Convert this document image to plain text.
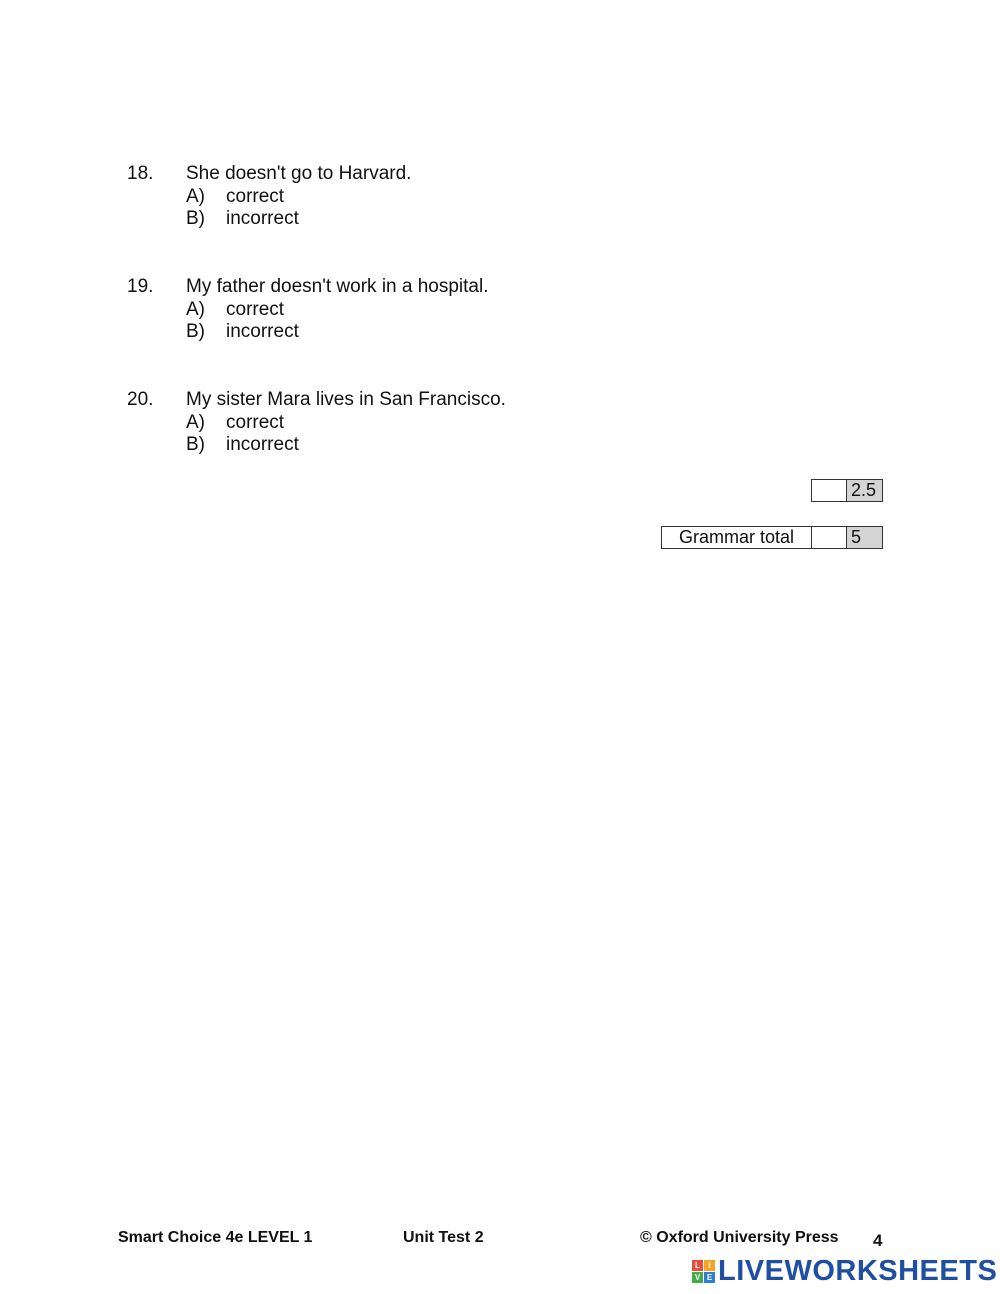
18.	She doesn't go to Harvard.
A)	correct
B)	incorrect
19.	My father doesn't work in a hospital.
A)	correct
B)	incorrect
20.	My sister Mara lives in San Francisco.
A)	correct
B)	incorrect
2.5
Grammar total	5
Smart Choice 4e LEVEL 1	Unit Test 2	© Oxford University Press 4
L	I
V E LIVEWORKSHEETS
